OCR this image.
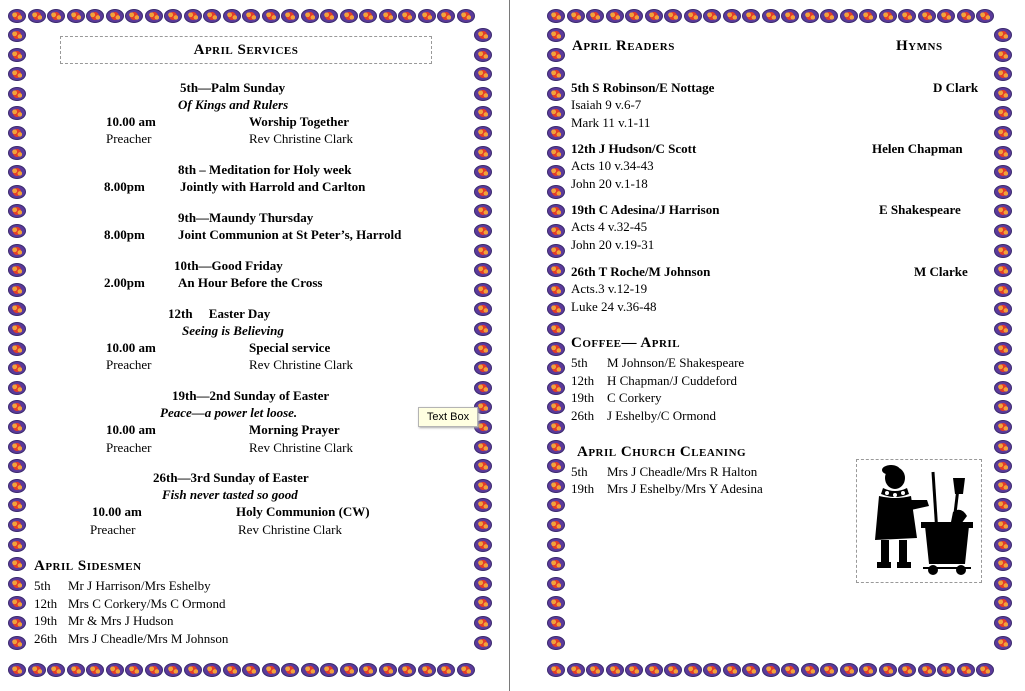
April Services
5th—Palm Sunday
Of Kings and Rulers
10.00 am	Worship Together
Preacher	Rev Christine Clark
8th – Meditation for Holy week
8.00pm	Jointly with Harrold and Carlton
9th—Maundy Thursday
8.00pm	Joint Communion at St Peter’s, Harrold
10th—Good Friday
2.00pm	An Hour Before the Cross
12th     Easter Day
Seeing is Believing
10.00 am	Special service
Preacher	Rev Christine Clark
19th—2nd Sunday of Easter
Peace—a power let loose.
10.00 am	Morning Prayer
Preacher	Rev Christine Clark
26th—3rd Sunday of Easter
Fish never tasted so good
10.00 am	Holy Communion (CW)
Preacher	Rev Christine Clark
Text Box
April Sidesmen
5th Mr J Harrison/Mrs Eshelby
12th Mrs C Corkery/Ms C Ormond
19th Mr & Mrs J Hudson
26th Mrs J Cheadle/Mrs M Johnson
April Readers	Hymns
5th S Robinson/E Nottage	D Clark
Isaiah 9 v.6-7
Mark 11 v.1-11
12th J Hudson/C Scott	Helen Chapman
Acts 10 v.34-43
John 20 v.1-18
19th C Adesina/J Harrison	E Shakespeare
Acts 4 v.32-45
John 20 v.19-31
26th T Roche/M Johnson	M Clarke
Acts.3 v.12-19
Luke 24 v.36-48
Coffee— April
5th M Johnson/E Shakespeare
12th H Chapman/J Cuddeford
19th C Corkery
26th J Eshelby/C Ormond
April Church Cleaning
5th Mrs J Cheadle/Mrs R Halton
19th Mrs J Eshelby/Mrs Y Adesina
